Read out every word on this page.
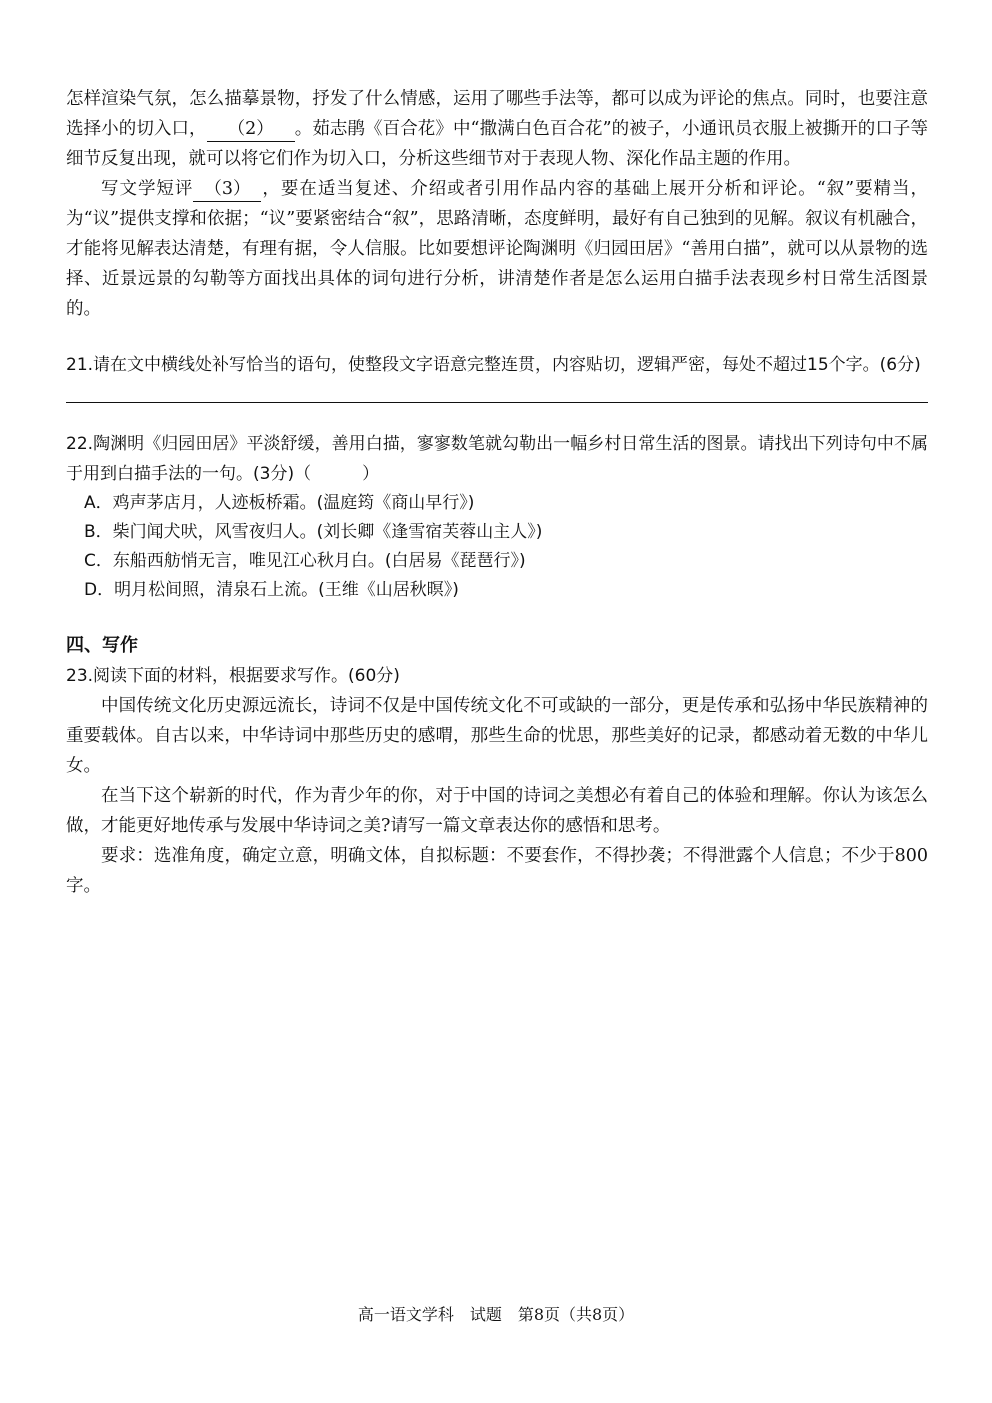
怎样渲染气氛，怎么描摹景物，抒发了什么情感，运用了哪些手法等，都可以成为评论的焦点。同时，也要注意选择小的切入口， （2） 。茹志鹃《百合花》中“撒满白色百合花”的被子，小通讯员衣服上被撕开的口子等细节反复出现，就可以将它们作为切入口，分析这些细节对于表现人物、深化作品主题的作用。

写文学短评 （3） ，要在适当复述、介绍或者引用作品内容的基础上展开分析和评论。“叙”要精当，为“议”提供支撑和依据；“议”要紧密结合“叙”，思路清晰，态度鲜明，最好有自己独到的见解。叙议有机融合，才能将见解表达清楚，有理有据，令人信服。比如要想评论陶渊明《归园田居》“善用白描”，就可以从景物的选择、近景远景的勾勒等方面找出具体的词句进行分析，讲清楚作者是怎么运用白描手法表现乡村日常生活图景的。

21.请在文中横线处补写恰当的语句，使整段文字语意完整连贯，内容贴切，逻辑严密，每处不超过15个字。(6分)

22.陶渊明《归园田居》平淡舒缓，善用白描，寥寥数笔就勾勒出一幅乡村日常生活的图景。请找出下列诗句中不属于用到白描手法的一句。(3分)（　　　）

A．鸡声茅店月，人迹板桥霜。(温庭筠《商山早行》)

B．柴门闻犬吠，风雪夜归人。(刘长卿《逢雪宿芙蓉山主人》)

C．东船西舫悄无言，唯见江心秋月白。(白居易《琵琶行》)

D．明月松间照，清泉石上流。(王维《山居秋暝》)

四、写作

23.阅读下面的材料，根据要求写作。(60分)

中国传统文化历史源远流长，诗词不仅是中国传统文化不可或缺的一部分，更是传承和弘扬中华民族精神的重要载体。自古以来，中华诗词中那些历史的感喟，那些生命的忧思，那些美好的记录，都感动着无数的中华儿女。

在当下这个崭新的时代，作为青少年的你，对于中国的诗词之美想必有着自己的体验和理解。你认为该怎么做，才能更好地传承与发展中华诗词之美?请写一篇文章表达你的感悟和思考。

要求：选准角度，确定立意，明确文体，自拟标题：不要套作，不得抄袭；不得泄露个人信息；不少于800字。

高一语文学科　试题　第8页（共8页）
